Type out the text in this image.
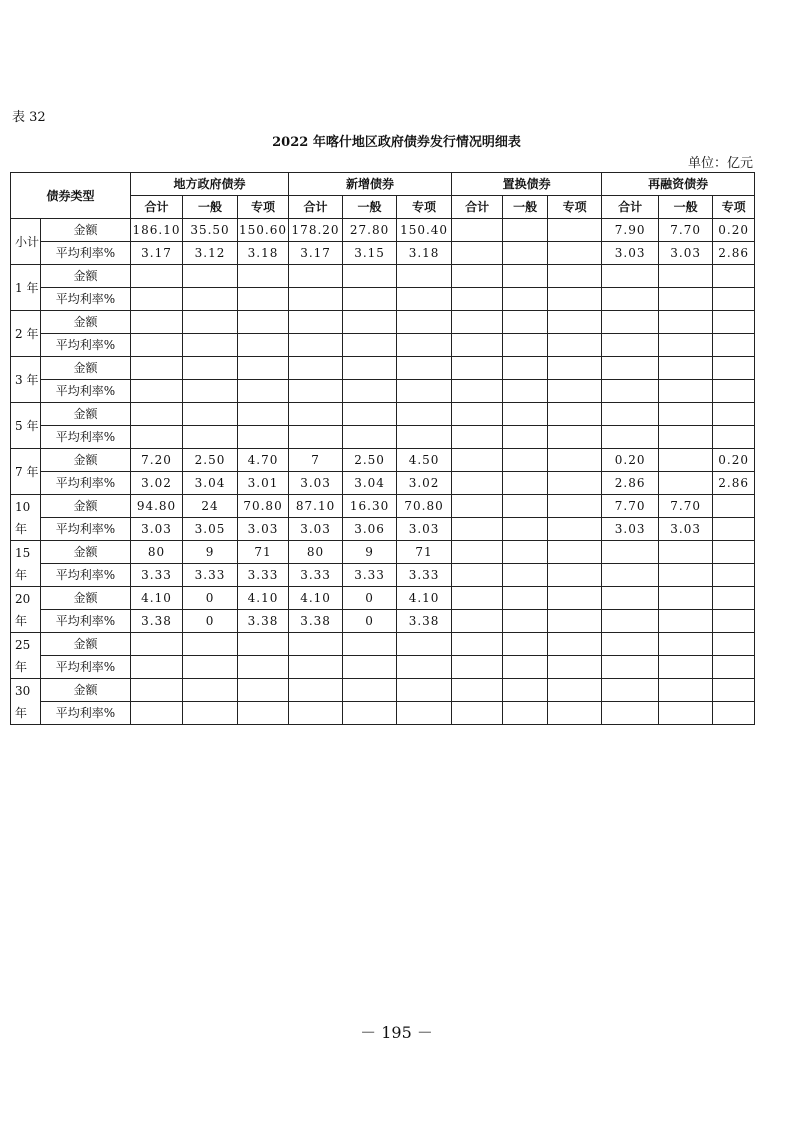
表 32
2022 年喀什地区政府债券发行情况明细表
单位：亿元
债券类型		地方政府债券			新增债券			置换债券			再融资债券		
		合计	一般	专项	合计	一般	专项	合计	一般	专项	合计	一般	专项
小计	金额	186.10	35.50	150.60	178.20	27.80	150.40				7.90	7.70	0.20
	平均利率%	3.17	3.12	3.18	3.17	3.15	3.18				3.03	3.03	2.86
1 年	金额												
	平均利率%												
2 年	金额												
	平均利率%												
3 年	金额												
	平均利率%												
5 年	金额												
	平均利率%												
7 年	金额	7.20	2.50	4.70	7	2.50	4.50				0.20		0.20
	平均利率%	3.02	3.04	3.01	3.03	3.04	3.02				2.86		2.86
10 年	金额	94.80	24	70.80	87.10	16.30	70.80				7.70	7.70	
	平均利率%	3.03	3.05	3.03	3.03	3.06	3.03				3.03	3.03	
15 年	金额	80	9	71	80	9	71						
	平均利率%	3.33	3.33	3.33	3.33	3.33	3.33						
20 年	金额	4.10	0	4.10	4.10	0	4.10						
	平均利率%	3.38	0	3.38	3.38	0	3.38						
25 年	金额												
	平均利率%												
30 年	金额												
	平均利率%												
－ 195 －
